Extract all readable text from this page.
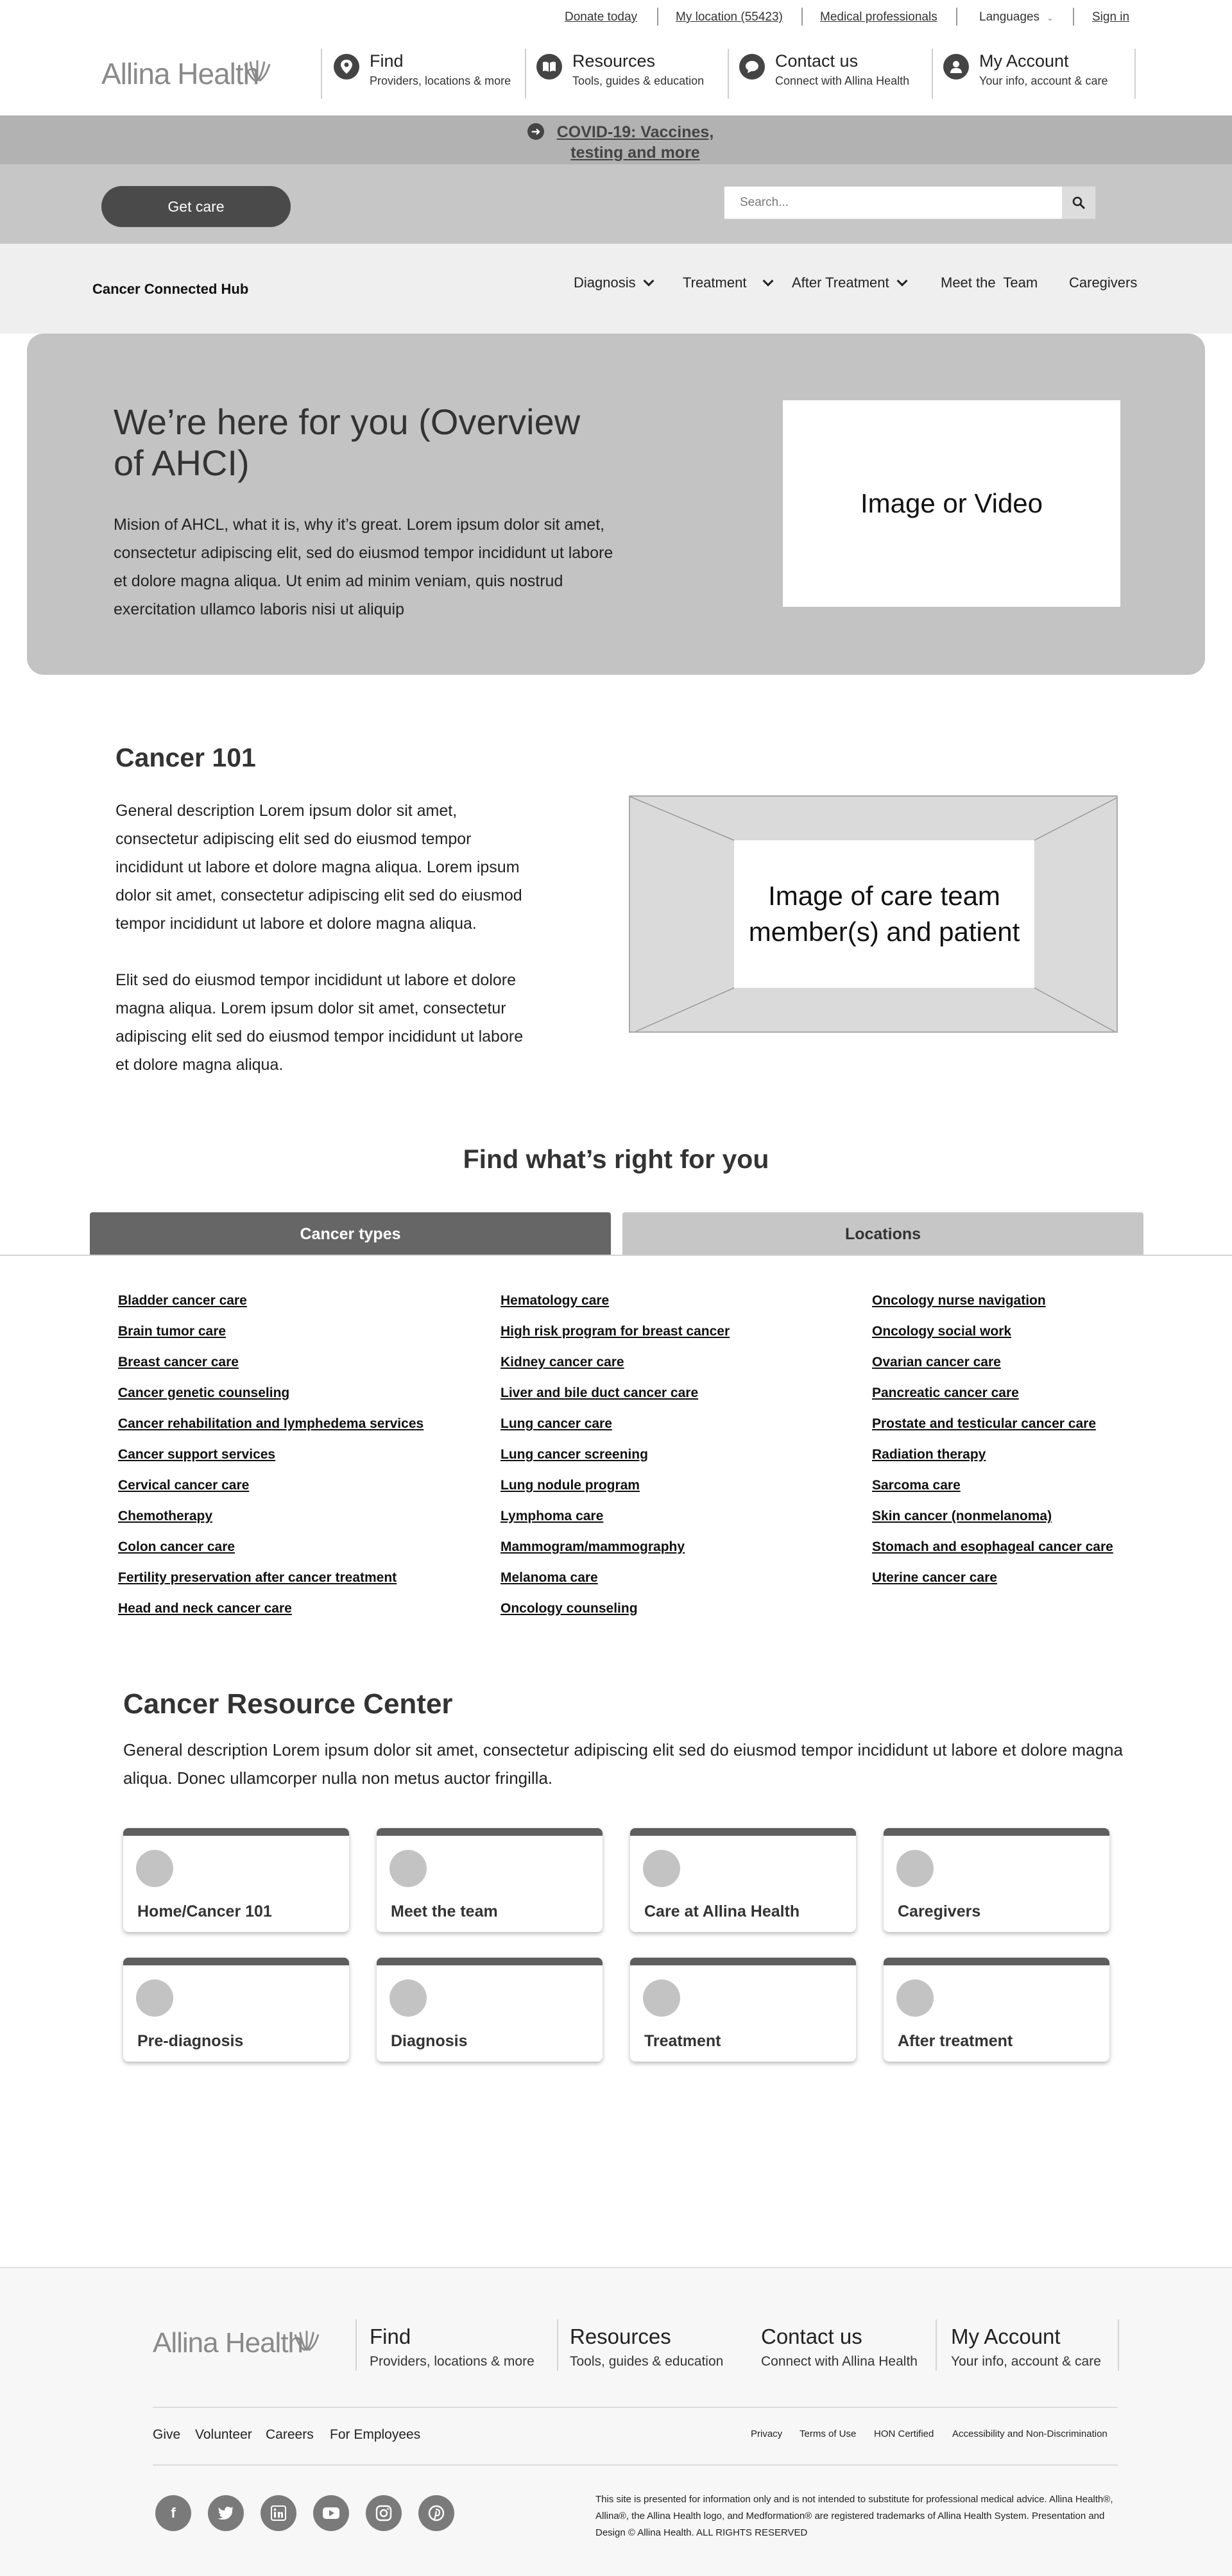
Donate today	My location (55423)	Medical professionals	Languages ⌄	Sign in
Allina Health	Find
Providers, locations & more
Resources
Tools, guides & education
Contact us
Connect with Allina Health
My Account
Your info, account & care
➜	COVID-19: Vaccines, testing and more
Get care
Search...
Cancer Connected Hub	Diagnosis	Treatment	After Treatment	Meet the  Team Caregivers
We’re here for you (Overview of AHCI)

Mision of AHCL, what it is, why it’s great. Lorem ipsum dolor sit amet, consectetur adipiscing elit, sed do eiusmod tempor incididunt ut labore et dolore magna aliqua. Ut enim ad minim veniam, quis nostrud exercitation ullamco laboris nisi ut aliquip

Image or Video
Cancer 101
General description Lorem ipsum dolor sit amet, consectetur adipiscing elit sed do eiusmod tempor incididunt ut labore et dolore magna aliqua. Lorem ipsum dolor sit amet, consectetur adipiscing elit sed do eiusmod tempor incididunt ut labore et dolore magna aliqua.
Elit sed do eiusmod tempor incididunt ut labore et dolore magna aliqua. Lorem ipsum dolor sit amet, consectetur adipiscing elit sed do eiusmod tempor incididunt ut labore et dolore magna aliqua.
Image of care team member(s) and patient
Find what’s right for you
Cancer types	Locations
Bladder cancer care
Brain tumor care
Breast cancer care
Cancer genetic counseling
Cancer rehabilitation and lymphedema services
Cancer support services
Cervical cancer care
Chemotherapy
Colon cancer care
Fertility preservation after cancer treatment
Head and neck cancer care
Hematology care
High risk program for breast cancer
Kidney cancer care
Liver and bile duct cancer care
Lung cancer care
Lung cancer screening
Lung nodule program
Lymphoma care
Mammogram/mammography
Melanoma care
Oncology counseling
Oncology nurse navigation
Oncology social work
Ovarian cancer care
Pancreatic cancer care
Prostate and testicular cancer care
Radiation therapy
Sarcoma care
Skin cancer (nonmelanoma)
Stomach and esophageal cancer care
Uterine cancer care
Cancer Resource Center

General description Lorem ipsum dolor sit amet, consectetur adipiscing elit sed do eiusmod tempor incididunt ut labore et dolore magna aliqua. Donec ullamcorper nulla non metus auctor fringilla.

Home/Cancer 101	Meet the team	Care at Allina Health	Caregivers
Pre-diagnosis	Diagnosis	Treatment	After treatment
Allina Health	Find
Providers, locations & more
Resources
Tools, guides & education
Contact us
Connect with Allina Health
My Account
Your info, account & care
Give Volunteer Careers For Employees	Privacy Terms of Use HON Certified Accessibility and Non-Discrimination
f
This site is presented for information only and is not intended to substitute for professional medical advice. Allina Health®, Allina®, the Allina Health logo, and Medformation® are registered trademarks of Allina Health System. Presentation and Design © Allina Health. ALL RIGHTS RESERVED
